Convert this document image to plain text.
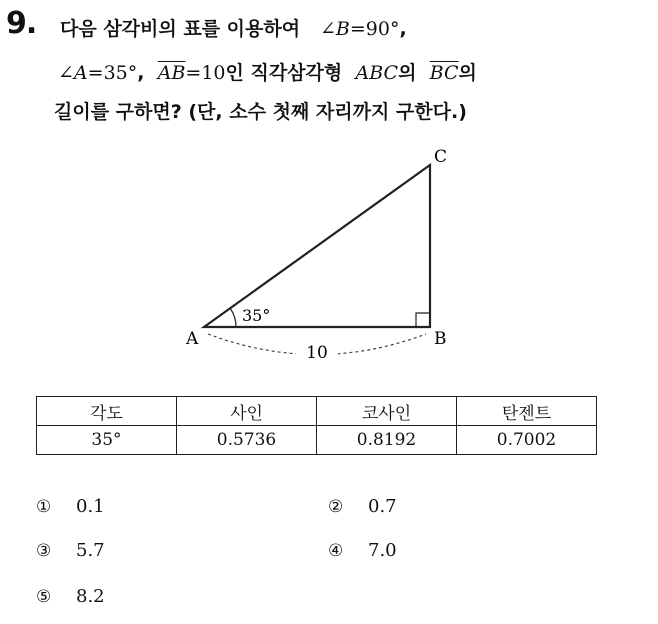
9. 다음 삼각비의 표를 이용하여 ∠B=90°,
∠A=35°, $\overline{AB}=10$인 직각삼각형 ABC의 $\overline{BC}$의
길이를 구하면? (단, 소수 첫째 자리까지 구한다.)
10
35°
A	B
C
각도	사인	코사인	탄젠트
35°	0.5736	0.8192	0.7002
① 0.1	② 0.7
③ 5.7	④ 7.0
⑤ 8.2
